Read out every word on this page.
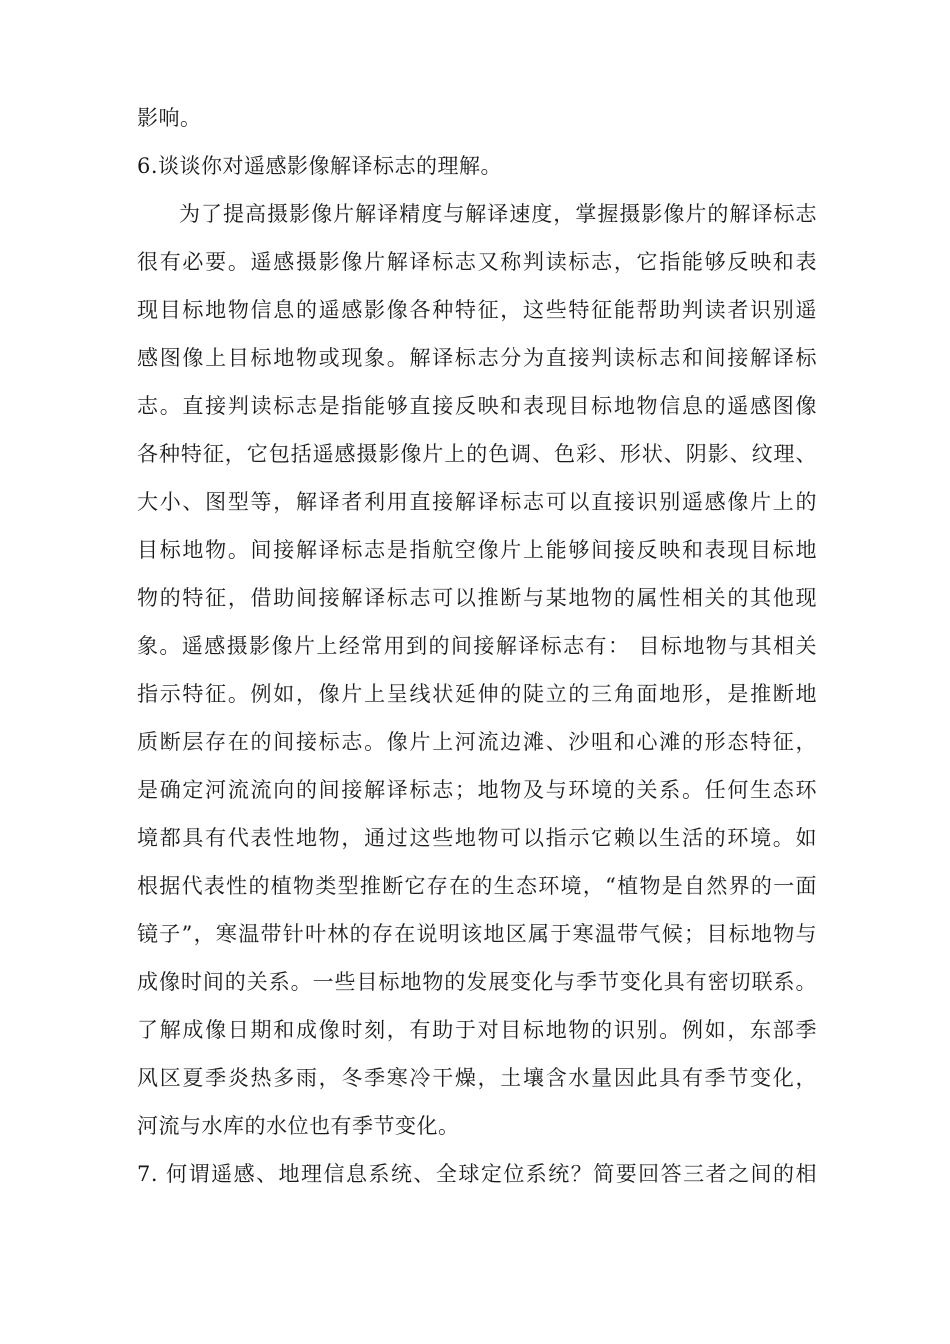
影响。
6.谈谈你对遥感影像解译标志的理解。
为了提高摄影像片解译精度与解译速度，掌握摄影像片的解译标志
很有必要。遥感摄影像片解译标志又称判读标志，它指能够反映和表
现目标地物信息的遥感影像各种特征，这些特征能帮助判读者识别遥
感图像上目标地物或现象。解译标志分为直接判读标志和间接解译标
志。直接判读标志是指能够直接反映和表现目标地物信息的遥感图像
各种特征，它包括遥感摄影像片上的色调、色彩、形状、阴影、纹理、
大小、图型等，解译者利用直接解译标志可以直接识别遥感像片上的
目标地物。间接解译标志是指航空像片上能够间接反映和表现目标地
物的特征，借助间接解译标志可以推断与某地物的属性相关的其他现
象。遥感摄影像片上经常用到的间接解译标志有： 目标地物与其相关
指示特征。例如，像片上呈线状延伸的陡立的三角面地形，是推断地
质断层存在的间接标志。像片上河流边滩、沙咀和心滩的形态特征，
是确定河流流向的间接解译标志；地物及与环境的关系。任何生态环
境都具有代表性地物，通过这些地物可以指示它赖以生活的环境。如
根据代表性的植物类型推断它存在的生态环境，“植物是自然界的一面
镜子”，寒温带针叶林的存在说明该地区属于寒温带气候；目标地物与
成像时间的关系。一些目标地物的发展变化与季节变化具有密切联系。
了解成像日期和成像时刻，有助于对目标地物的识别。例如，东部季
风区夏季炎热多雨，冬季寒冷干燥，土壤含水量因此具有季节变化，
河流与水库的水位也有季节变化。
7. 何谓遥感、地理信息系统、全球定位系统？简要回答三者之间的相
